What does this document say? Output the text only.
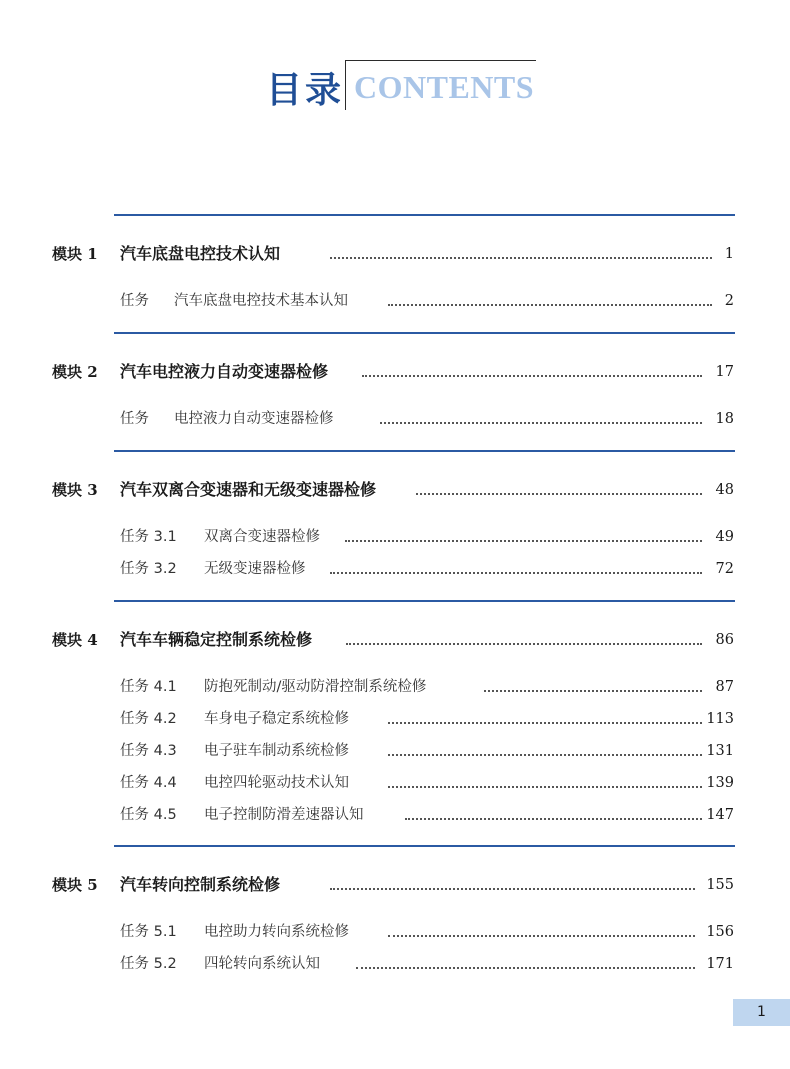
目录 CONTENTS
模块 1 汽车底盘电控技术认知	1
任务 汽车底盘电控技术基本认知	2
模块 2 汽车电控液力自动变速器检修	17
任务 电控液力自动变速器检修	18
模块 3 汽车双离合变速器和无级变速器检修	48
任务 3.1 双离合变速器检修	49
任务 3.2 无级变速器检修	72
模块 4 汽车车辆稳定控制系统检修	86
任务 4.1 防抱死制动/驱动防滑控制系统检修	87
任务 4.2 车身电子稳定系统检修	113
任务 4.3 电子驻车制动系统检修	131
任务 4.4 电控四轮驱动技术认知	139
任务 4.5 电子控制防滑差速器认知	147
模块 5 汽车转向控制系统检修	155
任务 5.1 电控助力转向系统检修	156
任务 5.2 四轮转向系统认知	171
1
